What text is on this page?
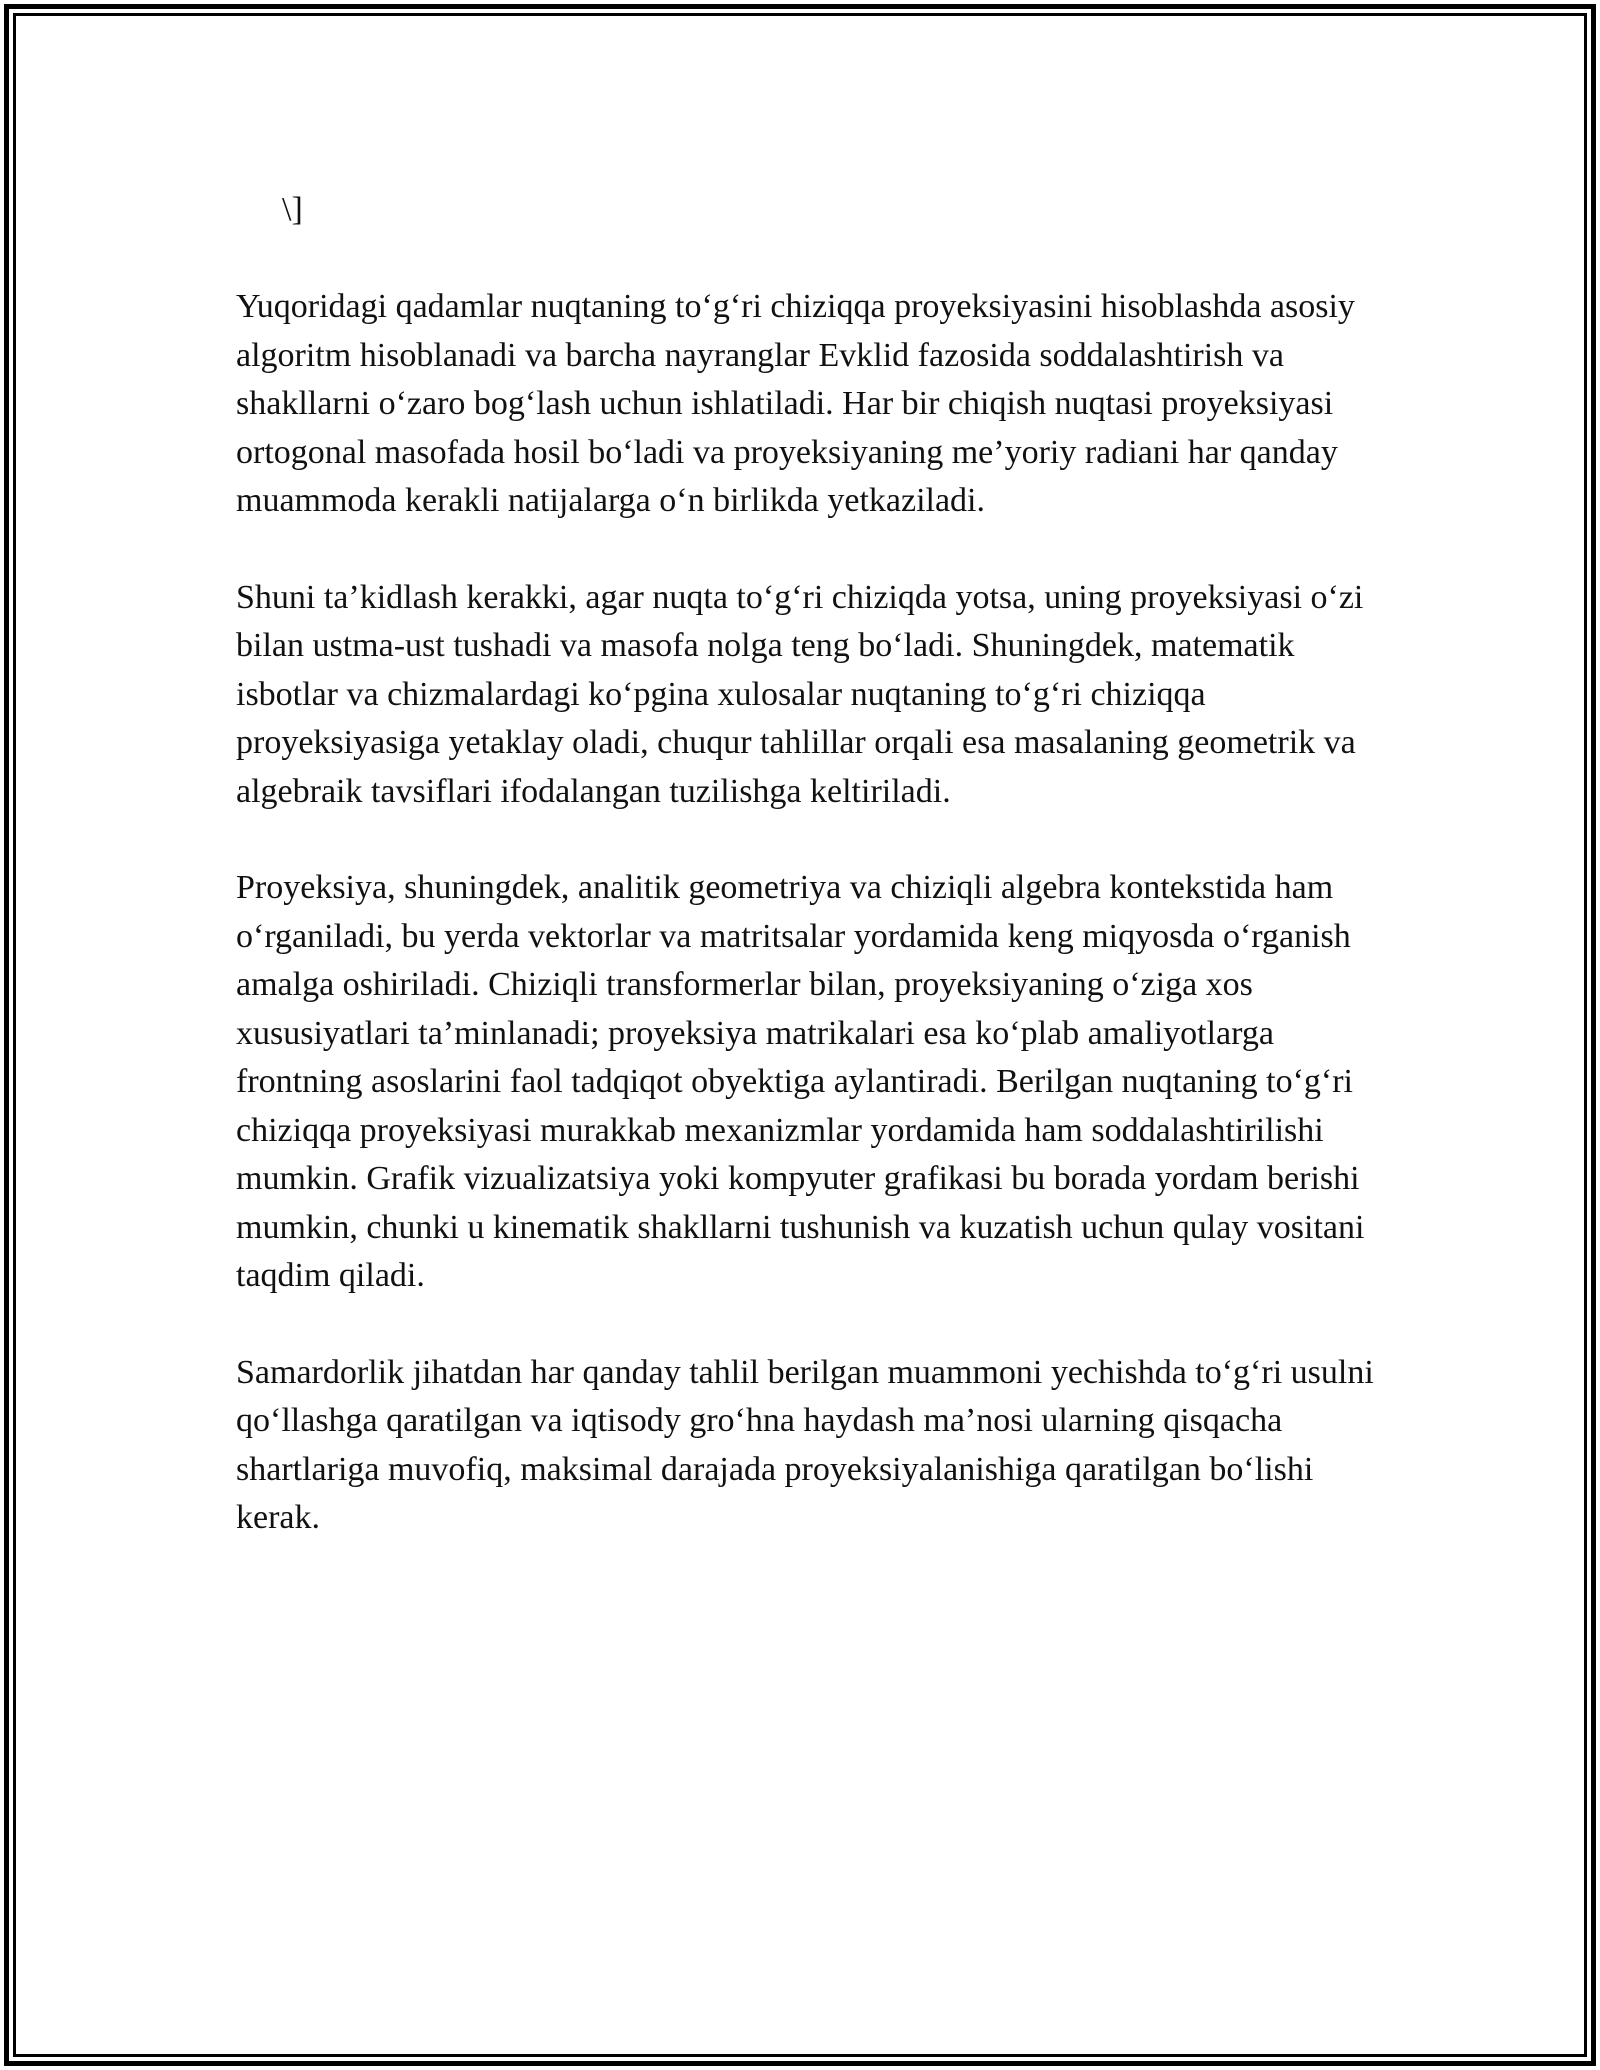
\]

Yuqoridagi qadamlar nuqtaning to‘g‘ri chiziqqa proyeksiyasini hisoblashda asosiy algoritm hisoblanadi va barcha nayranglar Evklid fazosida soddalashtirish va shakllarni o‘zaro bog‘lash uchun ishlatiladi. Har bir chiqish nuqtasi proyeksiyasi ortogonal masofada hosil bo‘ladi va proyeksiyaning me’yoriy radiani har qanday muammoda kerakli natijalarga o‘n birlikda yetkaziladi.

Shuni ta’kidlash kerakki, agar nuqta to‘g‘ri chiziqda yotsa, uning proyeksiyasi o‘zi bilan ustma-ust tushadi va masofa nolga teng bo‘ladi. Shuningdek, matematik isbotlar va chizmalardagi ko‘pgina xulosalar nuqtaning to‘g‘ri chiziqqa proyeksiyasiga yetaklay oladi, chuqur tahlillar orqali esa masalaning geometrik va algebraik tavsiflari ifodalangan tuzilishga keltiriladi.

Proyeksiya, shuningdek, analitik geometriya va chiziqli algebra kontekstida ham o‘rganiladi, bu yerda vektorlar va matritsalar yordamida keng miqyosda o‘rganish amalga oshiriladi. Chiziqli transformerlar bilan, proyeksiyaning o‘ziga xos xususiyatlari ta’minlanadi; proyeksiya matrikalari esa ko‘plab amaliyotlarga frontning asoslarini faol tadqiqot obyektiga aylantiradi. Berilgan nuqtaning to‘g‘ri chiziqqa proyeksiyasi murakkab mexanizmlar yordamida ham soddalashtirilishi mumkin. Grafik vizualizatsiya yoki kompyuter grafikasi bu borada yordam berishi mumkin, chunki u kinematik shakllarni tushunish va kuzatish uchun qulay vositani taqdim qiladi.

Samardorlik jihatdan har qanday tahlil berilgan muammoni yechishda to‘g‘ri usulni qo‘llashga qaratilgan va iqtisody gro‘hna haydash ma’nosi ularning qisqacha shartlariga muvofiq, maksimal darajada proyeksiyalanishiga qaratilgan bo‘lishi kerak.
